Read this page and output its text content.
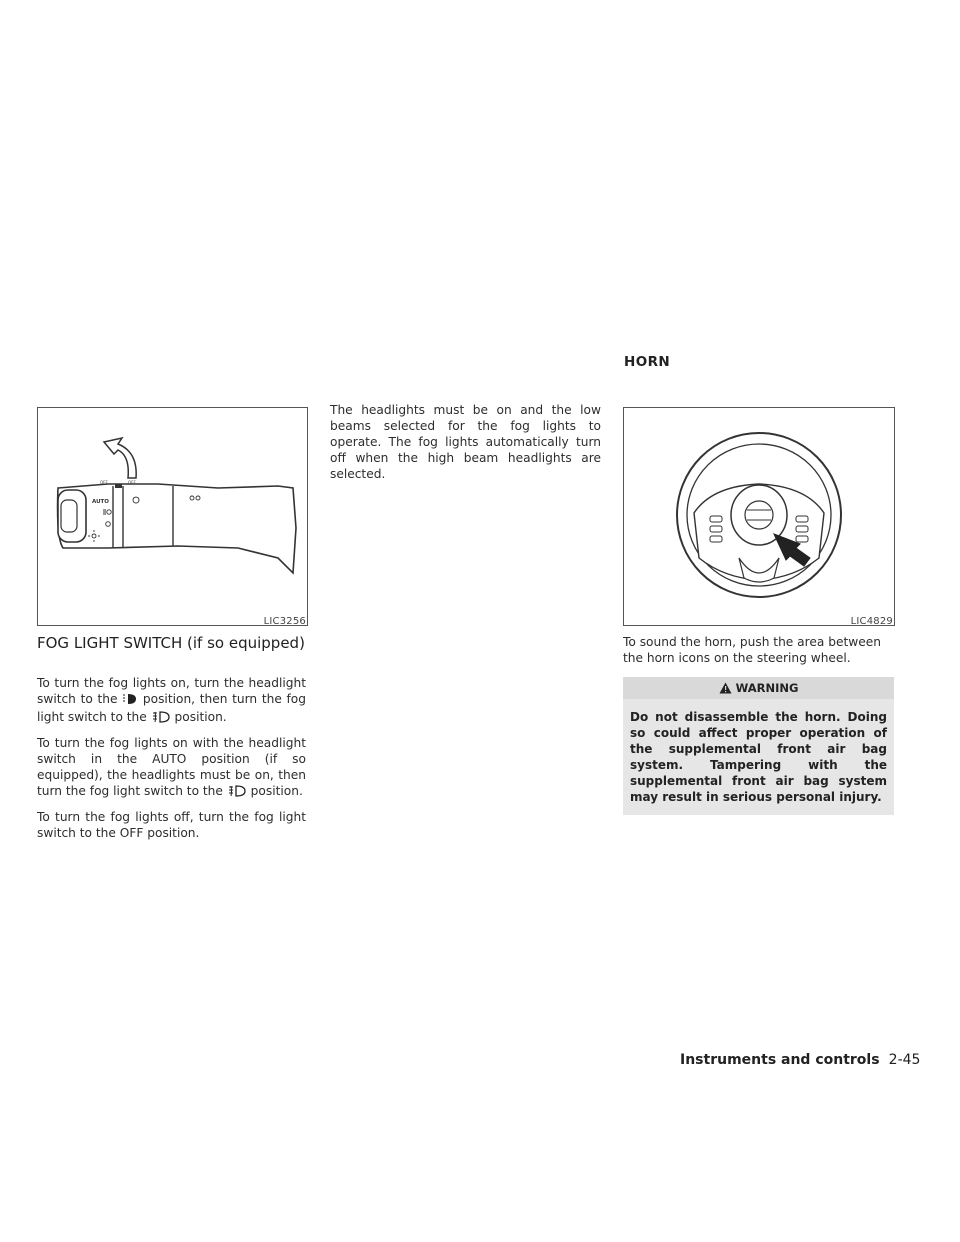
HORN
OFF	OFF
AUTO
LIC3256	LIC4829
FOG LIGHT SWITCH (if so equipped)

To turn the fog lights on, turn the headlight switch to the position, then turn the fog light switch to the position.

To turn the fog lights on with the headlight switch in the AUTO position (if so equipped), the headlights must be on, then turn the fog light switch to the position.

To turn the fog lights off, turn the fog light switch to the OFF position.

The headlights must be on and the low beams selected for the fog lights to operate. The fog lights automatically turn off when the high beam headlights are selected.

To sound the horn, push the area between the horn icons on the steering wheel.

WARNING
Do not disassemble the horn. Doing so could affect proper operation of the supplemental front air bag system. Tampering with the supplemental front air bag system may result in serious personal injury.
Instruments and controls 2-45
